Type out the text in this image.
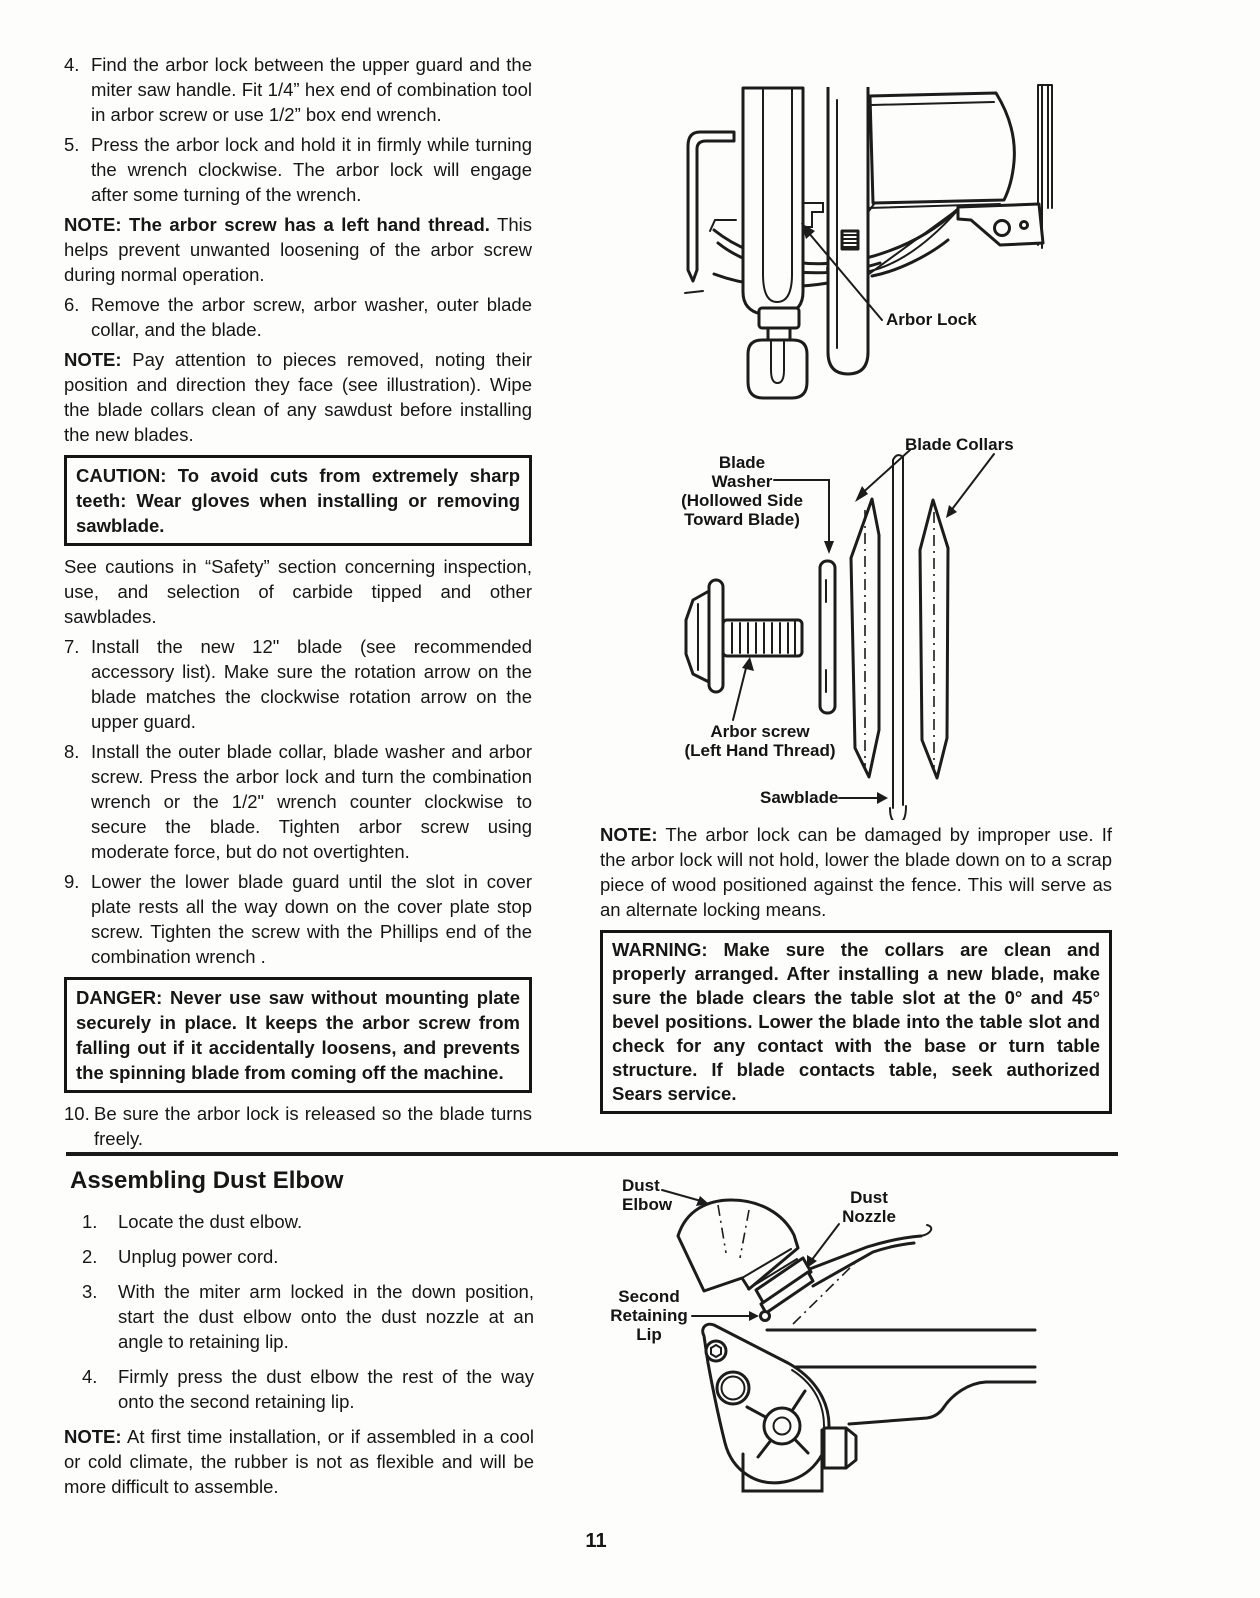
4. Find the arbor lock between the upper guard and the miter saw handle. Fit 1/4” hex end of combination tool in arbor screw or use 1/2” box end wrench.
5. Press the arbor lock and hold it in firmly while turning the wrench clockwise. The arbor lock will engage after some turning of the wrench.

NOTE: The arbor screw has a left hand thread. This helps prevent unwanted loosening of the arbor screw during normal operation.

6. Remove the arbor screw, arbor washer, outer blade collar, and the blade.

NOTE: Pay attention to pieces removed, noting their position and direction they face (see illustration). Wipe the blade collars clean of any sawdust before installing the new blades.

CAUTION: To avoid cuts from extremely sharp teeth: Wear gloves when installing or removing sawblade.

See cautions in “Safety” section concerning inspection, use, and selection of carbide tipped and other sawblades.

7. Install the new 12" blade (see recommended accessory list). Make sure the rotation arrow on the blade matches the clockwise rotation arrow on the upper guard.
8. Install the outer blade collar, blade washer and arbor screw. Press the arbor lock and turn the combination wrench or the 1/2" wrench counter clockwise to secure the blade. Tighten arbor screw using moderate force, but do not overtighten.
9. Lower the lower blade guard until the slot in cover plate rests all the way down on the cover plate stop screw. Tighten the screw with the Phillips end of the combination wrench .
DANGER: Never use saw without mounting plate securely in place. It keeps the arbor screw from falling out if it accidentally loosens, and prevents the spinning blade from coming off the machine.
10. Be sure the arbor lock is released so the blade turns freely.
Arbor Lock
Blade
Washer
(Hollowed Side
Toward Blade)
Blade Collars
Arbor screw
(Left Hand Thread)
Sawblade

NOTE: The arbor lock can be damaged by improper use. If the arbor lock will not hold, lower the blade down on to a scrap piece of wood positioned against the fence. This will serve as an alternate locking means.

WARNING: Make sure the collars are clean and properly arranged. After installing a new blade, make sure the blade clears the table slot at the 0° and 45° bevel positions. Lower the blade into the table slot and check for any contact with the base or turn table structure. If blade contacts table, seek authorized Sears service.
Assembling Dust Elbow
1.	Locate the dust elbow.
2.	Unplug power cord.
3.	With the miter arm locked in the down position, start the dust elbow onto the dust nozzle at an angle to retaining lip.
4.	Firmly press the dust elbow the rest of the way onto the second retaining lip.

NOTE: At first time installation, or if assembled in a cool or cold climate, the rubber is not as flexible and will be more difficult to assemble.

Dust
Elbow	Dust
Nozzle
Second
Retaining
Lip
11
